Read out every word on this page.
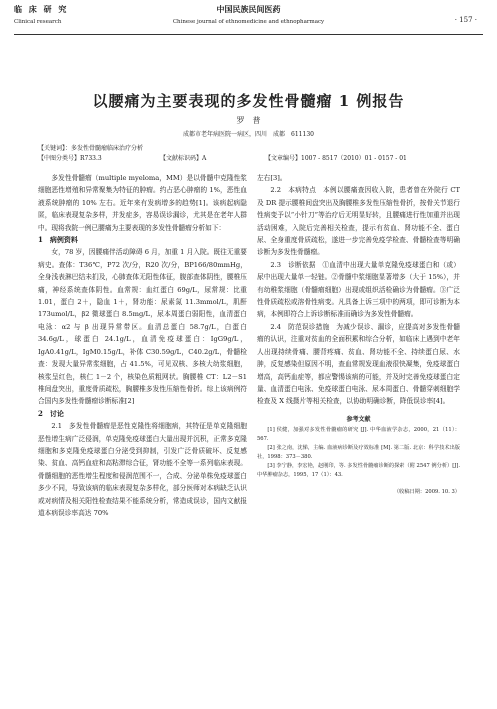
临 床 研 究
Clinical research
中国民族民间医药
Chinese journal of ethnomedicine and ethnopharmacy	· 157 ·
以腰痛为主要表现的多发性骨髓瘤 1 例报告
罗　普
成都市老年病医院一病区，四川　成都　611130
【关键词】：多发性骨髓瘤临床治疗分析
【中图分类号】R733.3	【文献标识码】A	【文章编号】1007 - 8517（2010）01 - 0157 - 01

多发性骨髓瘤（multiple myeloma，MM）是以骨髓中克隆性浆细胞恶性增殖和异常聚集为特征的肿瘤。约占恶心肿瘤的 1%，恶性血液系统肿瘤的 10% 左右。近年来有发病增多的趋势[1]。该病起病隐匿，临床表现复杂多样，并发症多，容易误诊漏诊，尤其是在老年人群中。现将我院一例已腰痛为主要表现的多发性骨髓瘤分析如下：

1　病例资料

女，78 岁，因腰痛伴活动障碍 6 月，加重 1 月入院。既往无重要病史。查体：T36℃，P72 次/分，R20 次/分，BP166/80mmHg，全身浅表淋巴结未扪及，心肺查体无阳性体征，腹部查体阴性，腰椎压痛，神经系统查体阴性。血常规：血红蛋白 69g/L，尿常规：比重 1.01，蛋白 2＋，隐血 1＋，肾功能：尿素氮 11.3mmol/L，肌酐 173umol/L，β2 微球蛋白 8.5mg/L，尿本周蛋白弱阳性，血清蛋白电泳：α2 与 β 出现异常带区。血清总蛋白 58.7g/L，白蛋白 34.6g/L，球蛋白 24.1g/L，血清免疫球蛋白：IgG9g/L，IgA0.41g/L，IgM0.15g/L，补体 C30.59g/L，C40.2g/L，骨髓检查：发现大量异常浆细胞，占 41.5%，可见双核、多核大幼浆细胞，核浆呈红色，核仁 1－2 个，核染色质粗网状。胸腰椎 CT：L2－S1 椎间盘突出，重度骨质疏松，胸腰椎多发性压缩性骨折。综上该病例符合国内多发性骨髓瘤诊断标准[2]

2　讨论

2.1　多发性骨髓瘤是恶性克隆性将细胞病，其特征是单克隆细胞恶性增生病广泛侵润，单克隆免疫球蛋白大量出现并沉积，正常多克隆细胞和多克隆免疫球蛋白分泌受到抑制，引发广泛骨质破坏、反复感染、贫血、高钙血症和高粘滞综合征，肾功能不全等一系列临床表现。骨髓细胞的恶性增生程度和侵润范围不一，合成、分泌单株免疫球蛋白多少不同，导致该病的临床表现复杂多样化，部分医师对本病缺乏认识或对病情及相关阳性检查结果不能系统分析，常造成误诊，国内文献报道本病误诊率高达 70%

左右[3]。

2.2　本病特点　本例以腰痛查因收入院，患者曾在外院行 CT 及 DR 提示腰椎间盘突出及胸腰椎多发性压缩性骨折，按骨关节退行性病变予以“小针刀”等治疗后无明显好转，且腰痛进行性加重并出现活动困难，入院后完善相关检查，提示有贫血、肾功能不全、蛋白尿、全身重度骨质疏松，遂进一步完善免疫学检查、骨髓检查等明确诊断为多发性骨髓瘤。

2.3　诊断依据　①血清中出现大量单克隆免疫球蛋白和（或）尿中出现大量单一轻链。②骨髓中浆细胞显著增多（大于 15%），并有幼稚浆细胞（骨髓瘤细胞）出现或组织活检确诊为骨髓瘤。③广泛性骨质疏松或溶骨性病变。凡具备上诉三项中的两项，即可诊断为本病，本例即符合上诉诊断标准而确诊为多发性骨髓瘤。

2.4　防范误诊措施　为减少误诊、漏诊，应提高对多发性骨髓瘤的认识，注重对贫血的全面积累和综合分析，如临床上遇到中老年人出现持续骨痛、腰背疼痛、贫血、肾功能不全、持续蛋白尿、水肿，反复感染但原因不明，查血常规发现血液很快凝集，免疫球蛋白增高，高钙血症等，都应警惕该病的可能，并及时完善免疫球蛋白定量、血清蛋白电泳、免疫球蛋白电泳、尿本周蛋白、骨髓穿刺细胞学检查及 X 线摄片等相关检查，以协助明确诊断，降低误诊率[4]。

参考文献

[1] 侯健，加强对多发性骨髓瘤的研究 [J]. 中华血液学杂志，2000，21（11）：567.

[2] 张之南，沈悌，主编. 血液病诊断及疗效标准 [M]. 第二版. 北京：科学技术出版社，1998：373－380.

[3] 李宁静，李宏艳，赵刚印，等. 多发性骨髓瘤诊断的探索（附 2547 例分析）[J]. 中华肿瘤杂志，1995，17（1）：43.

（收稿日期：2009. 10. 3）
